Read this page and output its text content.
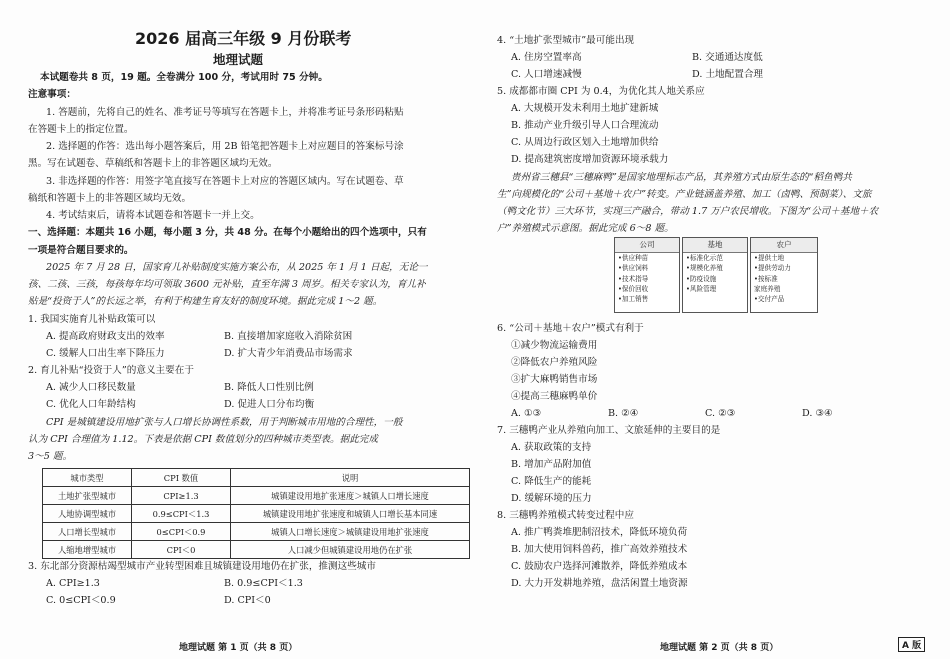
2026 届高三年级 9 月份联考
地理试题
本试题卷共 8 页，19 题。全卷满分 100 分，考试用时 75 分钟。
注意事项：
1. 答题前，先将自己的姓名、准考证号等填写在答题卡上，并将准考证号条形码粘贴
在答题卡上的指定位置。
2. 选择题的作答：选出每小题答案后，用 2B 铅笔把答题卡上对应题目的答案标号涂
黑。写在试题卷、草稿纸和答题卡上的非答题区域均无效。
3. 非选择题的作答：用签字笔直接写在答题卡上对应的答题区域内。写在试题卷、草
稿纸和答题卡上的非答题区域均无效。
4. 考试结束后，请将本试题卷和答题卡一并上交。
一、选择题：本题共 16 小题，每小题 3 分，共 48 分。在每个小题给出的四个选项中，只有
一项是符合题目要求的。
2025 年 7 月 28 日，国家育儿补贴制度实施方案公布，从 2025 年 1 月 1 日起，无论一
孩、二孩、三孩，每孩每年均可领取 3600 元补贴，直至年满 3 周岁。相关专家认为，育儿补
贴是“投资于人”的长远之举，有利于构建生育友好的制度环境。据此完成 1～2 题。
1. 我国实施育儿补贴政策可以
A. 提高政府财政支出的效率	B. 直接增加家庭收入消除贫困
C. 缓解人口出生率下降压力	D. 扩大青少年消费品市场需求
2. 育儿补贴“投资于人”的意义主要在于
A. 减少人口移民数量	B. 降低人口性别比例
C. 优化人口年龄结构	D. 促进人口分布均衡
CPI 是城镇建设用地扩张与人口增长协调性系数，用于判断城市用地的合理性，一般
认为 CPI 合理值为 1.12。下表是依据 CPI 数值划分的四种城市类型表。据此完成
3～5 题。
城市类型	CPI 数值	说明
土地扩张型城市	CPI≥1.3	城镇建设用地扩张速度＞城镇人口增长速度
人地协调型城市	0.9≤CPI＜1.3	城镇建设用地扩张速度和城镇人口增长基本同速
人口增长型城市	0≤CPI＜0.9	城镇人口增长速度＞城镇建设用地扩张速度
人缩地增型城市	CPI＜0	人口减少但城镇建设用地仍在扩张
3. 东北部分资源枯竭型城市产业转型困难且城镇建设用地仍在扩张，推测这些城市
A. CPI≥1.3	B. 0.9≤CPI＜1.3
C. 0≤CPI＜0.9	D. CPI＜0
4. “土地扩张型城市”最可能出现
A. 住房空置率高	B. 交通通达度低
C. 人口增速减慢	D. 土地配置合理
5. 成都都市圈 CPI 为 0.4，为优化其人地关系应
A. 大规模开发未利用土地扩建新城
B. 推动产业升级引导人口合理流动
C. 从周边行政区划入土地增加供给
D. 提高建筑密度增加资源环境承载力
贵州省三穗县“三穗麻鸭”是国家地理标志产品，其养殖方式由原生态的“稻鱼鸭共
生”向规模化的“公司＋基地＋农户”转变。产业链涵盖养殖、加工（卤鸭、预制菜）、文旅
（鸭文化节）三大环节，实现三产融合，带动 1.7 万户农民增收。下图为“公司＋基地＋农
户”养殖模式示意图。据此完成 6～8 题。
6. “公司＋基地＋农户”模式有利于
①减少物流运输费用
②降低农户养殖风险
③扩大麻鸭销售市场
④提高三穗麻鸭单价
A. ①③	B. ②④	C. ②③	D. ③④
7. 三穗鸭产业从养殖向加工、文旅延伸的主要目的是
A. 获取政策的支持
B. 增加产品附加值
C. 降低生产的能耗
D. 缓解环境的压力
8. 三穗鸭养殖模式转变过程中应
A. 推广鸭粪堆肥制沼技术，降低环境负荷
B. 加大使用饲料兽药，推广高效养殖技术
C. 鼓励农户选择河滩散养，降低养殖成本
D. 大力开发耕地养殖，盘活闲置土地资源
公司
•供应种苗
•供应饲料
•技术指导
•保价回收
•加工销售
基地
•标准化示范
•规模化养殖
•防疫设施
•风险管理
农户
•提供土地
•提供劳动力
•按标准
家庭养殖
•交付产品
地理试题 第 1 页（共 8 页）	地理试题 第 2 页（共 8 页）	A 版
